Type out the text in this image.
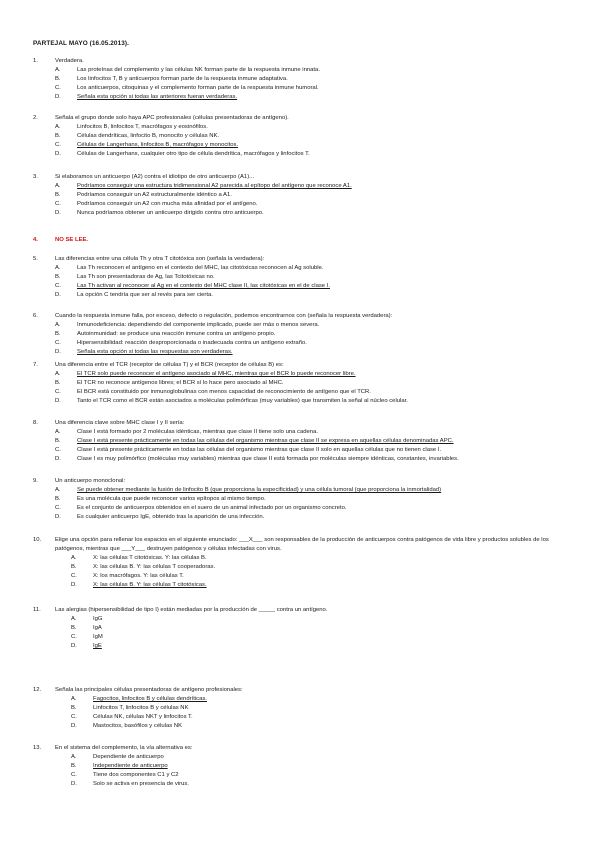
PARTEJAL MAYO (16.05.2013).
1.	Verdadera.
A.	Las proteínas del complemento y las células NK forman parte de la respuesta inmune innata.
B.	Los linfocitos T, B y anticuerpos forman parte de la respuesta inmune adaptativa.
C.	Los anticuerpos, citoquinas y el complemento forman parte de la respuesta inmune humoral.
D.	Señala esta opción si todas las anteriores fueran verdaderas.
2.	Señala el grupo donde solo haya APC profesionales (células presentadoras de antígeno).
A.	Linfocitos B, linfocitos T, macrófagos y eosinófilos.
B.	Células dendríticas, linfocito B, monocito y células NK.
C.	Células de Langerhans, linfocitos B, macrófagos y monocitos.
D.	Células de Langerhans, cualquier otro tipo de célula dendrítica, macrófagos y linfocitos T.
3.	Si elaboramos un anticuerpo (A2) contra el idiotipo de otro anticuerpo (A1)...
A.	Podríamos conseguir una estructura tridimensional A2 parecida al epítopo del antígeno que reconoce A1.
B.	Podríamos conseguir un A2 estructuralmente idéntico a A1.
C.	Podríamos conseguir un A2 con mucha más afinidad por el antígeno.
D.	Nunca podríamos obtener un anticuerpo dirigido contra otro anticuerpo.
4.	NO SE LEE.
5.	Las diferencias entre una célula Th y otra T citotóxica son (señala la verdadera):
A.	Las Th reconocen el antígeno en el contexto del MHC, las citotóxicas reconocen al Ag soluble.
B.	Las Th son presentadoras de Ag, las Tcitotóxicas no.
C.	Las Th activan al reconocer al Ag en el contexto del MHC clase II, las citotóxicas en el de clase I.
D.	La opción C tendría que ser al revés para ser cierta.
6.	Cuando la respuesta inmune falla, por exceso, defecto o regulación, podemos encontrarnos con (señala la respuesta verdadera):
A.	Inmunodeficiencia: dependiendo del componente implicado, puede ser más o menos severa.
B.	Autoinmunidad: se produce una reacción inmune contra un antígeno propio.
C.	Hipersensibilidad: reacción desproporcionada o inadecuada contra un antígeno extraño.
D.	Señala esta opción si todas las respuestas son verdaderas.
7.	Una diferencia entre el TCR (receptor de células T) y el BCR (receptor de células B) es:
A.	El TCR solo puede reconocer el antígeno asociado al MHC, mientras que el BCR lo puede reconocer libre.
B.	El TCR no reconoce antígenos libres; el BCR sí lo hace pero asociado al MHC.
C.	El BCR está constituido por inmunoglobulinas con menos capacidad de reconocimiento de antígeno que el TCR.
D.	Tanto el TCR como el BCR están asociados a moléculas polimórficas (muy variables) que transmiten la señal al núcleo celular.
8.	Una diferencia clave sobre MHC clase I y II sería:
A.	Clase I está formado por 2 moléculas idénticas, mientras que clase II tiene solo una cadena.
B.	Clase I está presente prácticamente en todas las células del organismo mientras que clase II se expresa en aquellas células denominadas APC.
C.	Clase I está presente prácticamente en todas las células del organismo mientras que clase II solo en aquellas células que no tienen clase I.
D.	Clase I es muy polimórfico (moléculas muy variables) mientras que clase II está formada por moléculas siempre idénticas, constantes, invariables.
9.	Un anticuerpo monoclonal:
A.	Se puede obtener mediante la fusión de linfocito B (que proporciona la especificidad) y una célula tumoral (que proporciona la inmortalidad)
B.	Es una molécula que puede reconocer varios epítopos al mismo tiempo.
C.	Es el conjunto de anticuerpos obtenidos en el suero de un animal infectado por un organismo concreto.
D.	Es cualquier anticuerpo IgE, obtenido tras la aparición de una infección.
10.	Elige una opción para rellenar los espacios en el siguiente enunciado: ___X___ son responsables de la producción de anticuerpos contra patógenos de vida libre y productos solubles de los patógenos, mientras que ___Y___ destruyen patógenos y células infectadas con virus.
A.	X: las células T citotóxicas. Y: las células B.
B.	X: las células B. Y: las células T cooperadoras.
C.	X: los macrófagos. Y: las células T.
D.	X: las células B. Y: las células T citotóxicas.
11.	Las alergias (hipersensibilidad de tipo I) están mediadas por la producción de _____ contra un antígeno.
A.	IgG
B.	IgA
C.	IgM
D.	IgE
12.	Señala las principales células presentadoras de antígeno profesionales:
A.	Fagocitos, linfocitos B y células dendríticas.
B.	Linfocitos T, linfocitos B y células NK
C.	Células NK, células NKT y linfocitos T.
D.	Mastocitos, basófilos y células NK
13.	En el sistema del complemento, la vía alternativa es:
A.	Dependiente de anticuerpo
B.	Independiente de anticuerpo
C.	Tiene dos componentes C1 y C2
D.	Solo se activa en presencia de virus.
